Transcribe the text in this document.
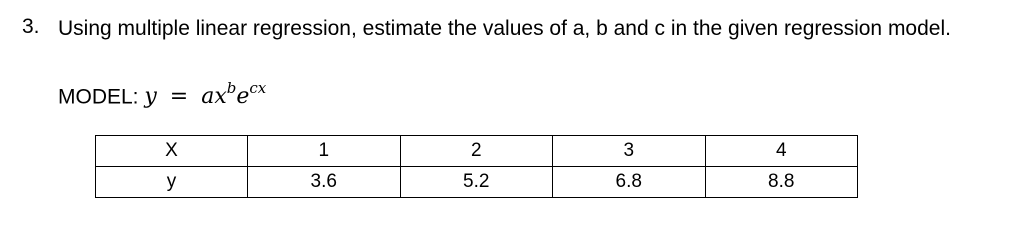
3. Using multiple linear regression, estimate the values of a, b and c in the given regression model.
MODEL: $y = ax^be^{cx}$
X	1	2	3	4
y	3.6	5.2	6.8	8.8
